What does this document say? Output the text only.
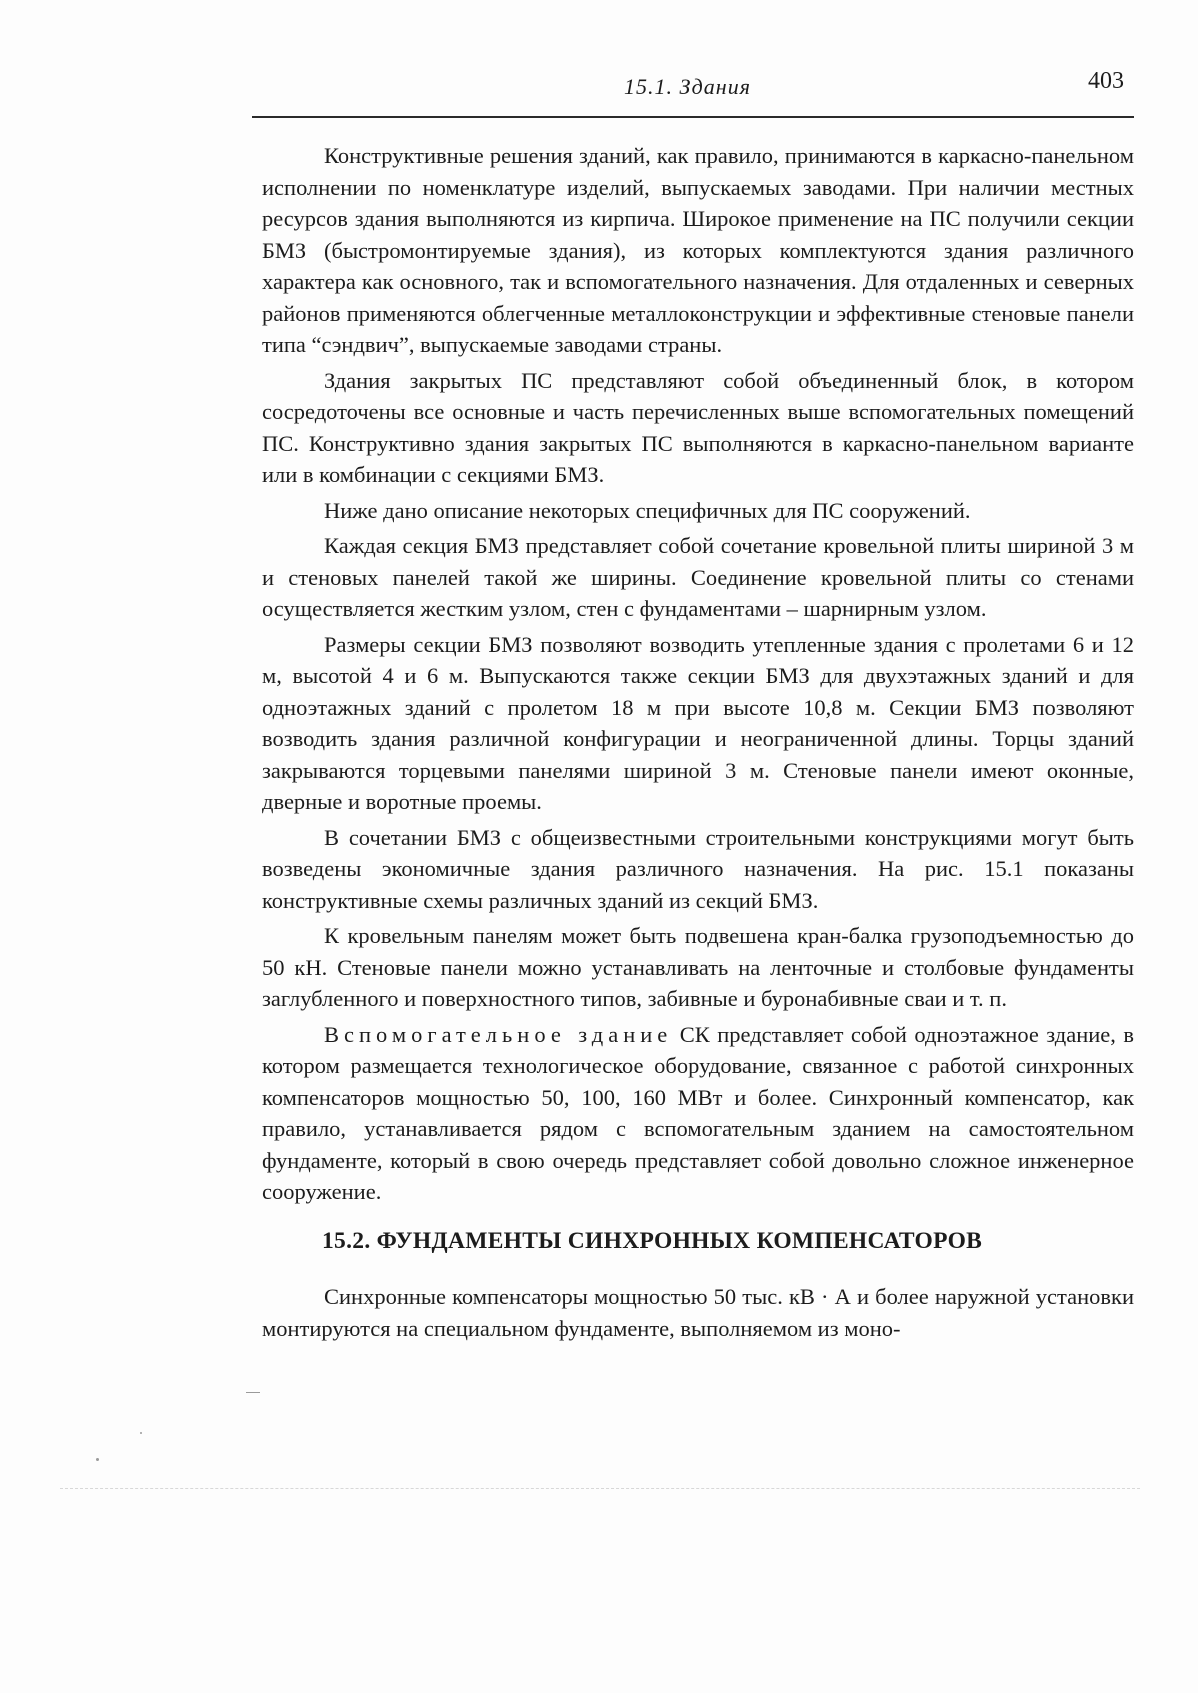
15.1. Здания	403

Конструктивные решения зданий, как правило, принимаются в каркасно-панельном исполнении по номенклатуре изделий, выпускаемых заводами. При наличии местных ресурсов здания выполняются из кирпича. Широкое применение на ПС получили секции БМЗ (быстромонтируемые здания), из которых комплектуются здания различного характера как основного, так и вспомогательного назначения. Для отдаленных и северных районов применяются облегченные металлоконструкции и эффективные стеновые панели типа “сэндвич”, выпускаемые заводами страны.

Здания закрытых ПС представляют собой объединенный блок, в котором сосредоточены все основные и часть перечисленных выше вспомогательных помещений ПС. Конструктивно здания закрытых ПС выполняются в каркасно-панельном варианте или в комбинации с секциями БМЗ.

Ниже дано описание некоторых специфичных для ПС сооружений.

Каждая секция БМЗ представляет собой сочетание кровельной плиты шириной 3 м и стеновых панелей такой же ширины. Соединение кровельной плиты со стенами осуществляется жестким узлом, стен с фундаментами – шарнирным узлом.

Размеры секции БМЗ позволяют возводить утепленные здания с пролетами 6 и 12 м, высотой 4 и 6 м. Выпускаются также секции БМЗ для двухэтажных зданий и для одноэтажных зданий с пролетом 18 м при высоте 10,8 м. Секции БМЗ позволяют возводить здания различной конфигурации и неограниченной длины. Торцы зданий закрываются торцевыми панелями шириной 3 м. Стеновые панели имеют оконные, дверные и воротные проемы.

В сочетании БМЗ с общеизвестными строительными конструкциями могут быть возведены экономичные здания различного назначения. На рис. 15.1 показаны конструктивные схемы различных зданий из секций БМЗ.

К кровельным панелям может быть подвешена кран-балка грузоподъемностью до 50 кН. Стеновые панели можно устанавливать на ленточные и столбовые фундаменты заглубленного и поверхностного типов, забивные и буронабивные сваи и т. п.

Вспомогательное здание СК представляет собой одноэтажное здание, в котором размещается технологическое оборудование, связанное с работой синхронных компенсаторов мощностью 50, 100, 160 МВт и более. Синхронный компенсатор, как правило, устанавливается рядом с вспомогательным зданием на самостоятельном фундаменте, который в свою очередь представляет собой довольно сложное инженерное сооружение.

15.2. ФУНДАМЕНТЫ СИНХРОННЫХ КОМПЕНСАТОРОВ

Синхронные компенсаторы мощностью 50 тыс. кВ · А и более наружной установки монтируются на специальном фундаменте, выполняемом из моно-
